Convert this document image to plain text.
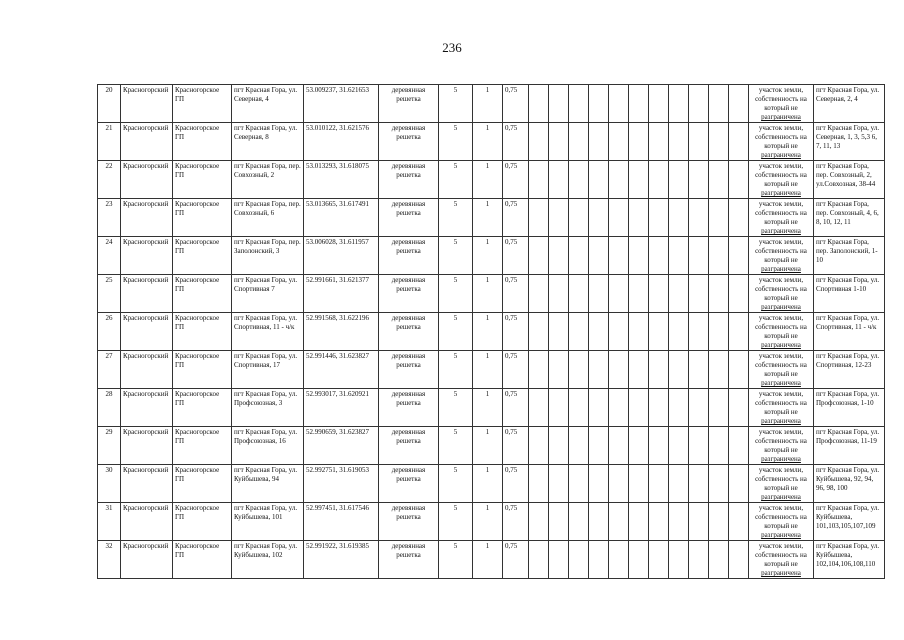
236
20	Красногорский	Красногорское ГП	пгт Красная Гора, ул. Северная, 4	53.009237, 31.621653	деревянная решетка	5	1	0,75												участок земли,
собственность на
который не
разграничена	пгт Красная Гора, ул. Северная, 2, 4
21	Красногорский	Красногорское ГП	пгт Красная Гора, ул. Северная, 8	53.010122, 31.621576	деревянная решетка	5	1	0,75												участок земли,
собственность на
который не
разграничена	пгт Красная Гора, ул. Северная, 1, 3, 5,3 6, 7, 11, 13
22	Красногорский	Красногорское ГП	пгт Красная Гора, пер. Совхозный, 2	53.013293, 31.618075	деревянная решетка	5	1	0,75												участок земли,
собственность на
который не
разграничена	пгт Красная Гора, пер. Совхозный, 2, ул.Совхозная, 38-44
23	Красногорский	Красногорское ГП	пгт Красная Гора, пер. Совхозный, 6	53.013665, 31.617491	деревянная решетка	5	1	0,75												участок земли,
собственность на
который не
разграничена	пгт Красная Гора, пер. Совхозный, 4, 6, 8, 10, 12, 11
24	Красногорский	Красногорское ГП	пгт Красная Гора, пер. Заполонский, 3	53.006028, 31.611957	деревянная решетка	5	1	0,75												участок земли,
собственность на
который не
разграничена	пгт Красная Гора, пер. Заполонский, 1-10
25	Красногорский	Красногорское ГП	пгт Красная Гора, ул. Спортивная 7	52.991661, 31.621377	деревянная решетка	5	1	0,75												участок земли,
собственность на
который не
разграничена	пгт Красная Гора, ул. Спортивная 1-10
26	Красногорский	Красногорское ГП	пгт Красная Гора, ул. Спортивная, 11 - ч/к	52.991568, 31.622196	деревянная решетка	5	1	0,75												участок земли,
собственность на
который не
разграничена	пгт Красная Гора, ул. Спортивная, 11 - ч/к
27	Красногорский	Красногорское ГП	пгт Красная Гора, ул. Спортивная, 17	52.991446, 31.623827	деревянная решетка	5	1	0,75												участок земли,
собственность на
который не
разграничена	пгт Красная Гора, ул. Спортивная, 12-23
28	Красногорский	Красногорское ГП	пгт Красная Гора, ул. Профсоюзная, 3	52.993017, 31.620921	деревянная решетка	5	1	0,75												участок земли,
собственность на
который не
разграничена	пгт Красная Гора, ул. Профсоюзная, 1-10
29	Красногорский	Красногорское ГП	пгт Красная Гора, ул. Профсоюзная, 16	52.990659, 31.623827	деревянная решетка	5	1	0,75												участок земли,
собственность на
который не
разграничена	пгт Красная Гора, ул. Профсоюзная, 11-19
30	Красногорский	Красногорское ГП	пгт Красная Гора, ул. Куйбышева, 94	52.992751, 31.619053	деревянная решетка	5	1	0,75												участок земли,
собственность на
который не
разграничена	пгт Красная Гора, ул. Куйбышева, 92, 94, 96, 98, 100
31	Красногорский	Красногорское ГП	пгт Красная Гора, ул. Куйбышева, 101	52.997451, 31.617546	деревянная решетка	5	1	0,75												участок земли,
собственность на
который не
разграничена	пгт Красная Гора, ул. Куйбышева, 101,103,105,107,109
32	Красногорский	Красногорское ГП	пгт Красная Гора, ул. Куйбышева, 102	52.991922, 31.619385	деревянная решетка	5	1	0,75												участок земли,
собственность на
который не
разграничена	пгт Красная Гора, ул. Куйбышева, 102,104,106,108,110
